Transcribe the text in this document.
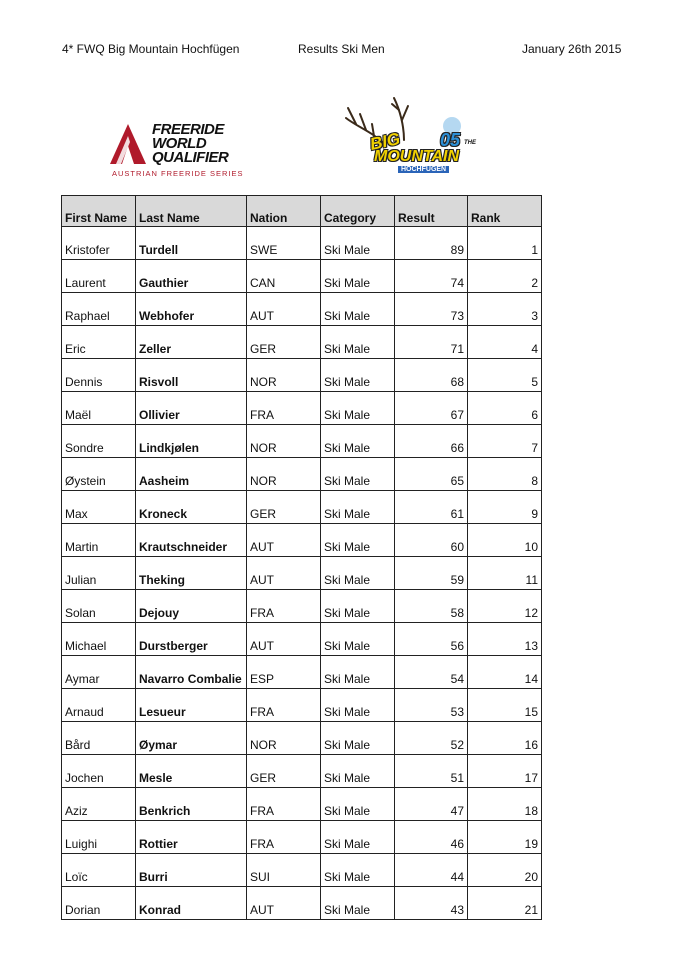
4* FWQ Big Mountain Hochfügen	Results Ski Men	January 26th 2015
FREERIDE
WORLD
QUALIFIER
AUSTRIAN FREERIDE SERIES
BIG
MOUNTAIN
05 THE
HOCHFÜGEN
First Name	Last Name	Nation	Category	Result	Rank
Kristofer	Turdell	SWE	Ski Male	89	1
Laurent	Gauthier	CAN	Ski Male	74	2
Raphael	Webhofer	AUT	Ski Male	73	3
Eric	Zeller	GER	Ski Male	71	4
Dennis	Risvoll	NOR	Ski Male	68	5
Maël	Ollivier	FRA	Ski Male	67	6
Sondre	Lindkjølen	NOR	Ski Male	66	7
Øystein	Aasheim	NOR	Ski Male	65	8
Max	Kroneck	GER	Ski Male	61	9
Martin	Krautschneider	AUT	Ski Male	60	10
Julian	Theking	AUT	Ski Male	59	11
Solan	Dejouy	FRA	Ski Male	58	12
Michael	Durstberger	AUT	Ski Male	56	13
Aymar	Navarro Combalie	ESP	Ski Male	54	14
Arnaud	Lesueur	FRA	Ski Male	53	15
Bård	Øymar	NOR	Ski Male	52	16
Jochen	Mesle	GER	Ski Male	51	17
Aziz	Benkrich	FRA	Ski Male	47	18
Luighi	Rottier	FRA	Ski Male	46	19
Loïc	Burri	SUI	Ski Male	44	20
Dorian	Konrad	AUT	Ski Male	43	21
